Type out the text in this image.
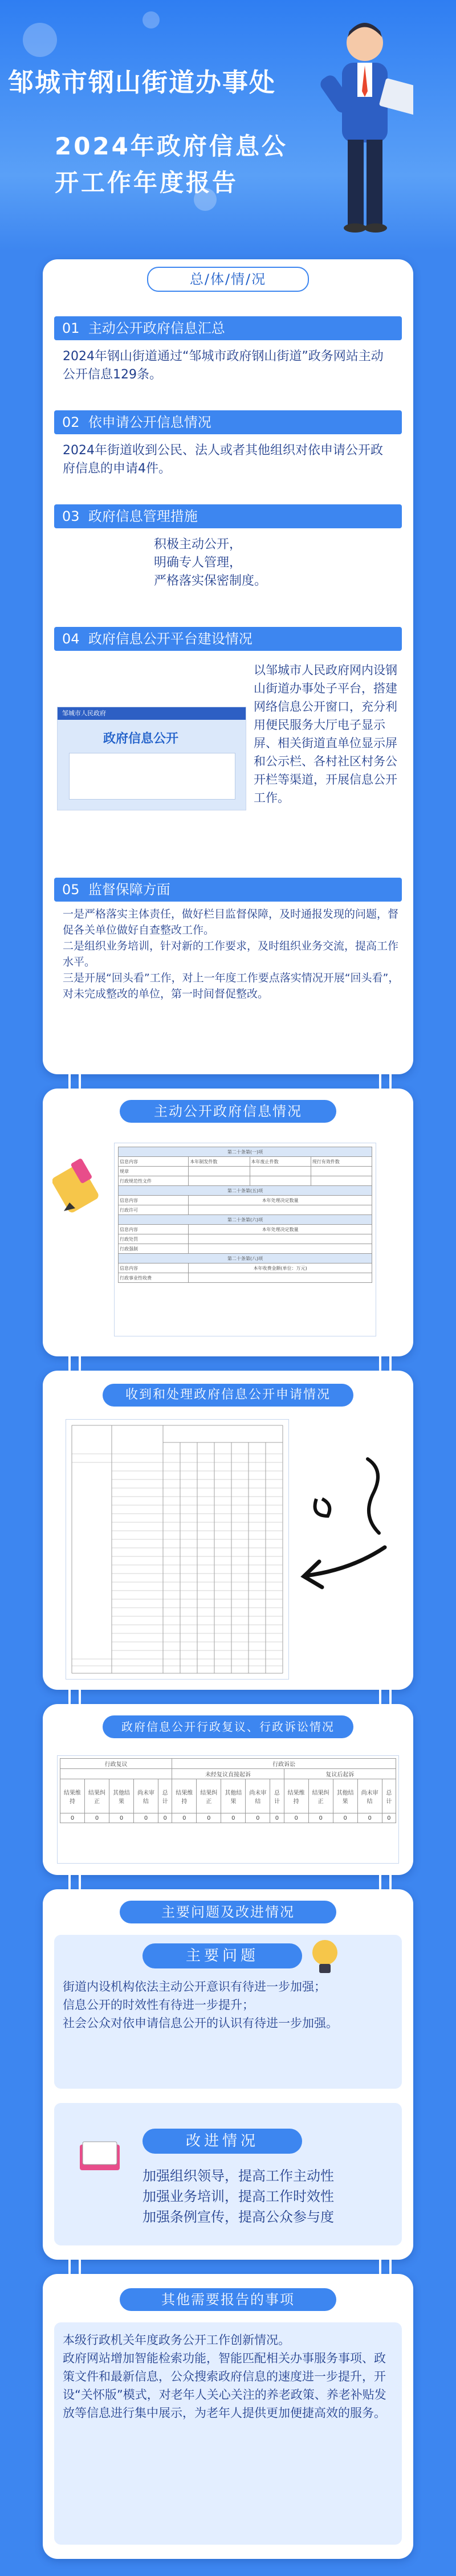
邹城市钢山街道办事处
2024年政府信息公
开工作年度报告
总/体/情/况
01 主动公开政府信息汇总
2024年钢山街道通过“邹城市政府钢山街道”政务网站主动公开信息129条。
02 依申请公开信息情况
2024年街道收到公民、法人或者其他组织对依申请公开政府信息的申请4件。
03 政府信息管理措施
积极主动公开，
明确专人管理，
严格落实保密制度。
04 政府信息公开平台建设情况
邹城市人民政府
政府信息公开
以邹城市人民政府网内设钢山街道办事处子平台，搭建网络信息公开窗口，充分利用便民服务大厅电子显示屏、相关街道直单位显示屏和公示栏、各村社区村务公开栏等渠道，开展信息公开工作。
05 监督保障方面
一是严格落实主体责任，做好栏目监督保障，及时通报发现的问题，督促各关单位做好自查整改工作。
二是组织业务培训，针对新的工作要求，及时组织业务交流，提高工作水平。
三是开展“回头看”工作，对上一年度工作要点落实情况开展“回头看”，对未完成整改的单位，第一时间督促整改。
主动公开政府信息情况
第二十条第(一)项			
信息内容	本年制发件数	本年废止件数	现行有效件数
规章			
行政规范性文件			
第二十条第(五)项			
信息内容	本年处理决定数量		
行政许可			
第二十条第(六)项			
信息内容	本年处理决定数量		
行政处罚			
行政强制			
第二十条第(八)项			
信息内容	本年收费金额(单位：万元)		
行政事业性收费			
收到和处理政府信息公开申请情况
政府信息公开行政复议、行政诉讼情况
行政复议					行政诉讼									
					未经复议直接起诉					复议后起诉				
结果维持	结果纠正	其他结果	尚未审结	总计	结果维持	结果纠正	其他结果	尚未审结	总计	结果维持	结果纠正	其他结果	尚未审结	总计
0	0	0	0	0	0	0	0	0	0	0	0	0	0	0
主要问题及改进情况
主要问题
街道内设机构依法主动公开意识有待进一步加强；
信息公开的时效性有待进一步提升；
社会公众对依申请信息公开的认识有待进一步加强。
改进情况
加强组织领导，提高工作主动性
加强业务培训，提高工作时效性
加强条例宣传，提高公众参与度
其他需要报告的事项
本级行政机关年度政务公开工作创新情况。
政府网站增加智能检索功能，智能匹配相关办事服务事项、政策文件和最新信息，公众搜索政府信息的速度进一步提升，开设“关怀版”模式，对老年人关心关注的养老政策、养老补贴发放等信息进行集中展示，为老年人提供更加便捷高效的服务。
